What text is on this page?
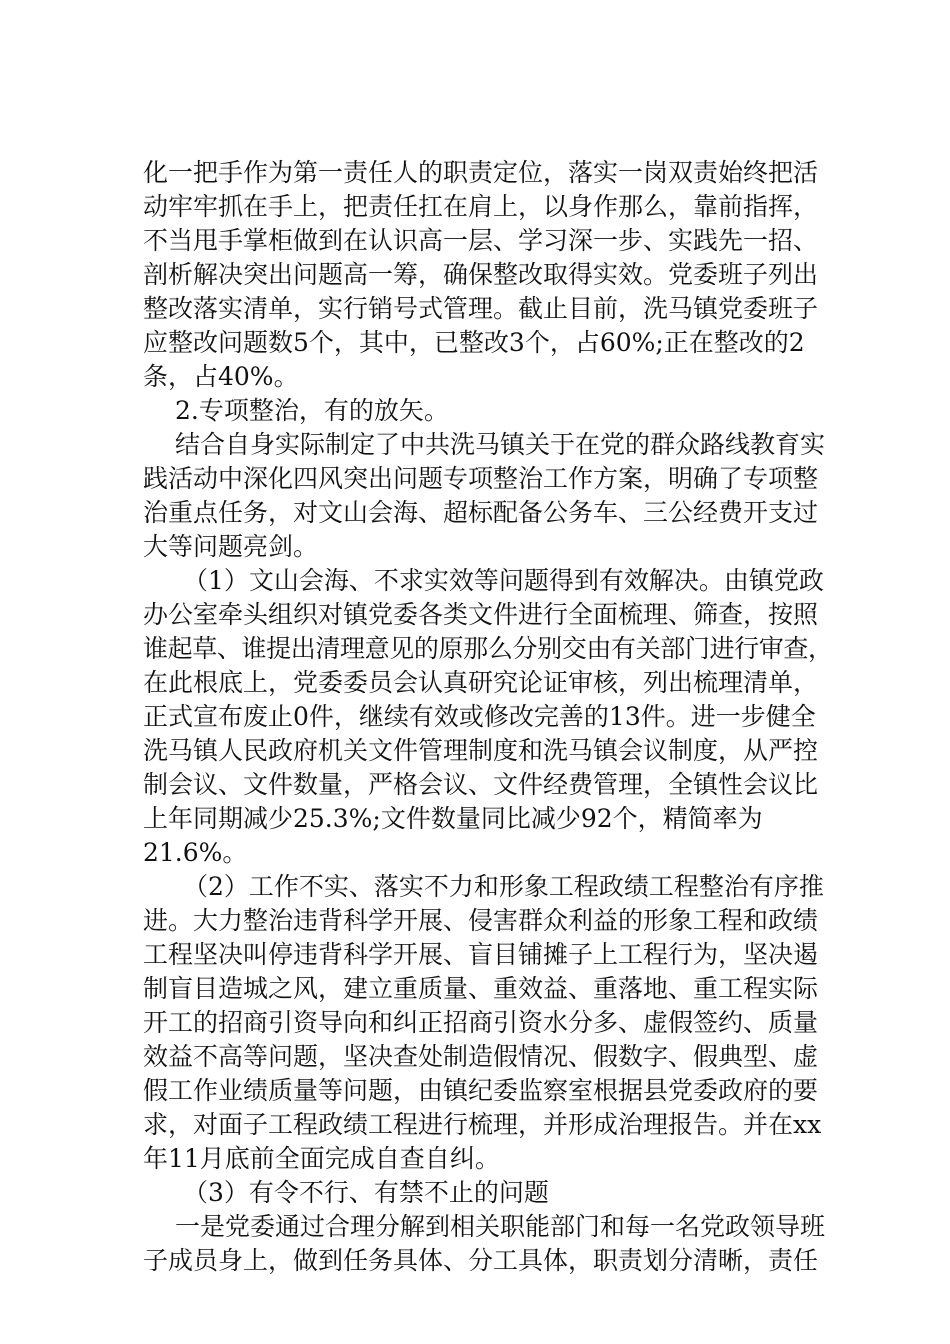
化一把手作为第一责任人的职责定位，落实一岗双责始终把活
动牢牢抓在手上，把责任扛在肩上，以身作那么，靠前指挥，
不当甩手掌柜做到在认识高一层、学习深一步、实践先一招、
剖析解决突出问题高一筹，确保整改取得实效。党委班子列出
整改落实清单，实行销号式管理。截止目前，洗马镇党委班子
应整改问题数5个，其中，已整改3个，占60%;正在整改的2
条，占40%。
2.专项整治，有的放矢。
结合自身实际制定了中共洗马镇关于在党的群众路线教育实
践活动中深化四风突出问题专项整治工作方案，明确了专项整
治重点任务，对文山会海、超标配备公务车、三公经费开支过
大等问题亮剑。
（1）文山会海、不求实效等问题得到有效解决。由镇党政
办公室牵头组织对镇党委各类文件进行全面梳理、筛查，按照
谁起草、谁提出清理意见的原那么分别交由有关部门进行审查，
在此根底上，党委委员会认真研究论证审核，列出梳理清单，
正式宣布废止0件，继续有效或修改完善的13件。进一步健全
洗马镇人民政府机关文件管理制度和洗马镇会议制度，从严控
制会议、文件数量，严格会议、文件经费管理，全镇性会议比
上年同期减少25.3%;文件数量同比减少92个，精简率为
21.6%。
（2）工作不实、落实不力和形象工程政绩工程整治有序推
进。大力整治违背科学开展、侵害群众利益的形象工程和政绩
工程坚决叫停违背科学开展、盲目铺摊子上工程行为，坚决遏
制盲目造城之风，建立重质量、重效益、重落地、重工程实际
开工的招商引资导向和纠正招商引资水分多、虚假签约、质量
效益不高等问题，坚决查处制造假情况、假数字、假典型、虚
假工作业绩质量等问题，由镇纪委监察室根据县党委政府的要
求，对面子工程政绩工程进行梳理，并形成治理报告。并在xx
年11月底前全面完成自查自纠。
（3）有令不行、有禁不止的问题
一是党委通过合理分解到相关职能部门和每一名党政领导班
子成员身上，做到任务具体、分工具体，职责划分清晰，责任
